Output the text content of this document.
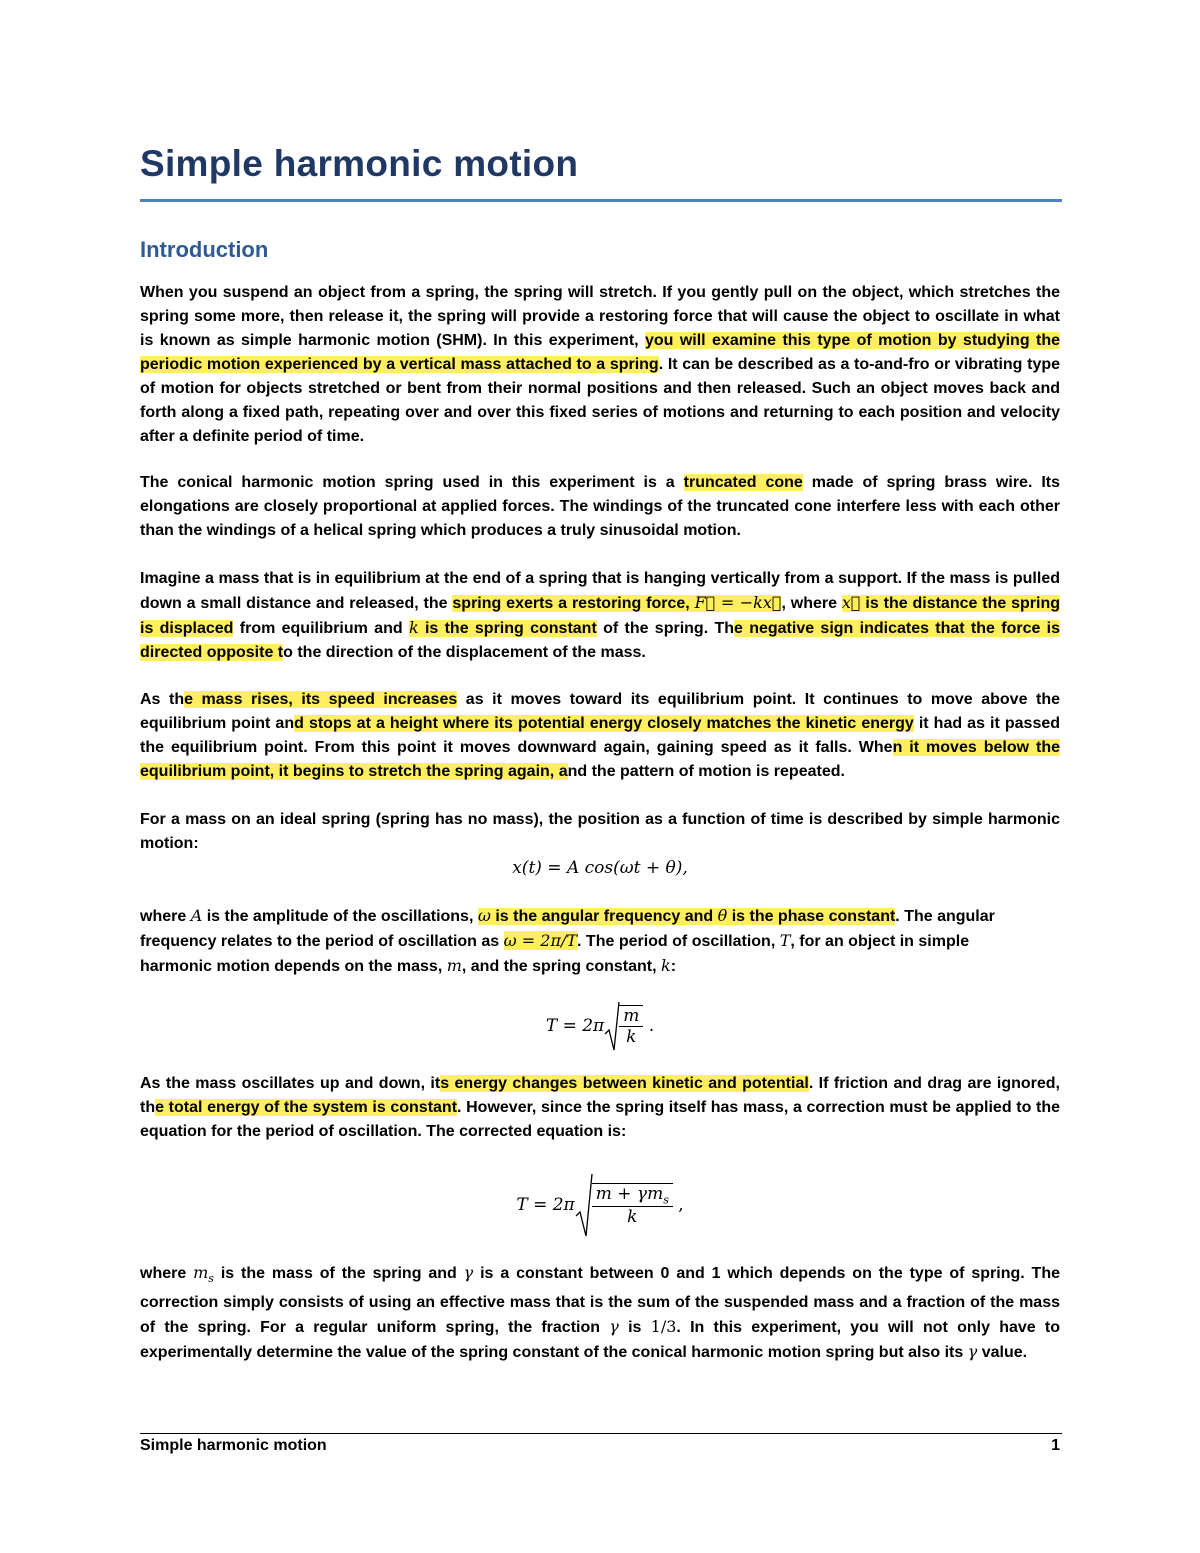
Simple harmonic motion
Introduction

When you suspend an object from a spring, the spring will stretch. If you gently pull on the object, which stretches the spring some more, then release it, the spring will provide a restoring force that will cause the object to oscillate in what is known as simple harmonic motion (SHM). In this experiment, you will examine this type of motion by studying the periodic motion experienced by a vertical mass attached to a spring. It can be described as a to-and-fro or vibrating type of motion for objects stretched or bent from their normal positions and then released. Such an object moves back and forth along a fixed path, repeating over and over this fixed series of motions and returning to each position and velocity after a definite period of time.

The conical harmonic motion spring used in this experiment is a truncated cone made of spring brass wire. Its elongations are closely proportional at applied forces. The windings of the truncated cone interfere less with each other than the windings of a helical spring which produces a truly sinusoidal motion.

Imagine a mass that is in equilibrium at the end of a spring that is hanging vertically from a support. If the mass is pulled down a small distance and released, the spring exerts a restoring force, F⃗ = −kx⃗, where x⃗ is the distance the spring is displaced from equilibrium and k is the spring constant of the spring. The negative sign indicates that the force is directed opposite to the direction of the displacement of the mass.

As the mass rises, its speed increases as it moves toward its equilibrium point. It continues to move above the equilibrium point and stops at a height where its potential energy closely matches the kinetic energy it had as it passed the equilibrium point. From this point it moves downward again, gaining speed as it falls. When it moves below the equilibrium point, it begins to stretch the spring again, and the pattern of motion is repeated.

For a mass on an ideal spring (spring has no mass), the position as a function of time is described by simple harmonic motion:

x(t) = A cos(ωt + θ),

where A is the amplitude of the oscillations, ω is the angular frequency and θ is the phase constant. The angular frequency relates to the period of oscillation as ω = 2π/T. The period of oscillation, T, for an object in simple harmonic motion depends on the mass, m, and the spring constant, k:

$T = 2\pi \frac{m}{k}$ .

As the mass oscillates up and down, its energy changes between kinetic and potential. If friction and drag are ignored, the total energy of the system is constant. However, since the spring itself has mass, a correction must be applied to the equation for the period of oscillation. The corrected equation is:

$T = 2\pi \frac{m + \gamma m_s}{k}$ ,

where $m_s$ is the mass of the spring and γ is a constant between 0 and 1 which depends on the type of spring. The correction simply consists of using an effective mass that is the sum of the suspended mass and a fraction of the mass of the spring. For a regular uniform spring, the fraction γ is 1/3. In this experiment, you will not only have to experimentally determine the value of the spring constant of the conical harmonic motion spring but also its γ value.

Simple harmonic motion	1
